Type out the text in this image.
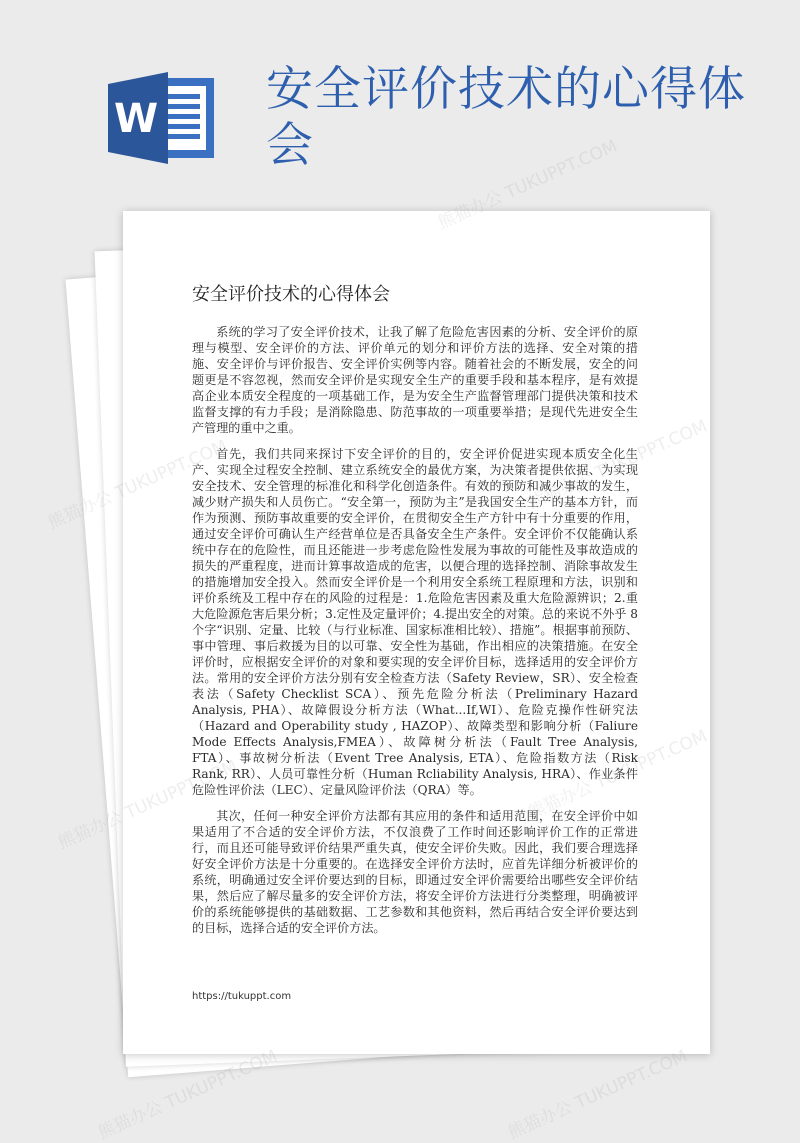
W
安全评价技术的心得体会
安全评价技术的心得体会

系统的学习了安全评价技术，让我了解了危险危害因素的分析、安全评价的原理与模型、安全评价的方法、评价单元的划分和评价方法的选择、安全对策的措施、安全评价与评价报告、安全评价实例等内容。随着社会的不断发展，安全的问题更是不容忽视，然而安全评价是实现安全生产的重要手段和基本程序，是有效提高企业本质安全程度的一项基础工作，是为安全生产监督管理部门提供决策和技术监督支撑的有力手段；是消除隐患、防范事故的一项重要举措；是现代先进安全生产管理的重中之重。

首先，我们共同来探讨下安全评价的目的，安全评价促进实现本质安全化生产、实现全过程安全控制、建立系统安全的最优方案，为决策者提供依据、为实现安全技术、安全管理的标准化和科学化创造条件。有效的预防和减少事故的发生，减少财产损失和人员伤亡。“安全第一，预防为主”是我国安全生产的基本方针，而作为预测、预防事故重要的安全评价，在贯彻安全生产方针中有十分重要的作用，通过安全评价可确认生产经营单位是否具备安全生产条件。安全评价不仅能确认系统中存在的危险性，而且还能进一步考虑危险性发展为事故的可能性及事故造成的损失的严重程度，进而计算事故造成的危害，以便合理的选择控制、消除事故发生的措施增加安全投入。然而安全评价是一个利用安全系统工程原理和方法，识别和评价系统及工程中存在的风险的过程是：1.危险危害因素及重大危险源辨识；2.重大危险源危害后果分析；3.定性及定量评价；4.提出安全的对策。总的来说不外乎 8 个字“识别、定量、比较（与行业标准、国家标准相比较）、措施”。根据事前预防、事中管理、事后救援为目的以可靠、安全性为基础，作出相应的决策措施。在安全评价时，应根据安全评价的对象和要实现的安全评价目标，选择适用的安全评价方法。常用的安全评价方法分别有安全检查方法（Safety Review，SR）、安全检查表法（Safety Checklist SCA）、预先危险分析法（Preliminary Hazard Analysis, PHA）、故障假设分析方法（What...If,WI）、危险克操作性研究法（Hazard and Operability study , HAZOP）、故障类型和影响分析（Faliure Mode Effects Analysis,FMEA）、故障树分析法（Fault Tree Analysis, FTA）、事故树分析法（Event Tree Analysis, ETA）、危险指数方法（Risk Rank, RR）、人员可靠性分析（Human Rcliability Analysis, HRA）、作业条件危险性评价法（LEC）、定量风险评价法（QRA）等。

其次，任何一种安全评价方法都有其应用的条件和适用范围，在安全评价中如果适用了不合适的安全评价方法，不仅浪费了工作时间还影响评价工作的正常进行，而且还可能导致评价结果严重失真，使安全评价失败。因此，我们要合理选择好安全评价方法是十分重要的。在选择安全评价方法时，应首先详细分析被评价的系统，明确通过安全评价要达到的目标，即通过安全评价需要给出哪些安全评价结果，然后应了解尽量多的安全评价方法，将安全评价方法进行分类整理，明确被评价的系统能够提供的基础数据、工艺参数和其他资料，然后再结合安全评价要达到的目标，选择合适的安全评价方法。

https://tukuppt.com
熊猫办公 TUKUPPT.COM
熊猫办公
熊猫办公
熊猫办公 TUKUPPT.COM	熊猫办公 TUKUPPT.COM
